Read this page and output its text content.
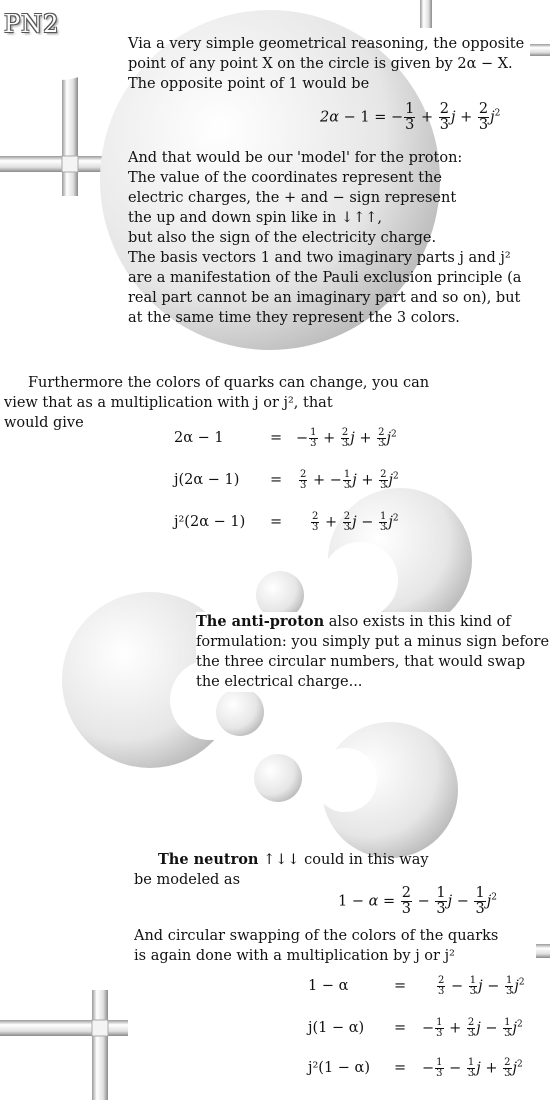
PN2

Via a very simple geometrical reasoning, the opposite

point of any point X on the circle is given by 2α − X.

The opposite point of 1 would be

2α − 1 = − $\frac{1}{3} + \frac{2}{3}$ $j + \frac{2}{3} j^2$

And that would be our 'model' for the proton:

The value of the coordinates represent the

electric charges, the + and − sign represent

the up and down spin like in ↓↑↑,

but also the sign of the electricity charge.

The basis vectors 1 and two imaginary parts j and j²

are a manifestation of the Pauli exclusion principle (a

real part cannot be an imaginary part and so on), but

at the same time they represent the 3 colors.

Furthermore the colors of quarks can change, you can

view that as a multiplication with j or j², that

would give

2α − 1	= − $\frac{1}{3} + \frac{2}{3}$ $j + \frac{2}{3} j^2$
$j(2\alpha - 1) = \frac{2}{3}$ + − $\frac{1}{3}$ $j + \frac{2}{3} j^2$
j²(2α − 1) =	$\frac{2}{3} + \frac{2}{3}$ $j - \frac{1}{3} j^2$

The anti-proton also exists in this kind of

formulation: you simply put a minus sign before

the three circular numbers, that would swap

the electrical charge...

The neutron ↑↓↓ could in this way

be modeled as

$1 - \alpha = \frac{2}{3} - \frac{1}{3}$ $j - \frac{1}{3} j^2$

And circular swapping of the colors of the quarks

is again done with a multiplication by j or j²

1 − α	=	$\frac{2}{3} - \frac{1}{3}$ $j - \frac{1}{3} j^2$
j(1 − α) = − $\frac{1}{3} + \frac{2}{3}$ $j - \frac{1}{3} j^2$
j²(1 − α) = − $\frac{1}{3} - \frac{1}{3}$ $j + \frac{2}{3} j^2$
